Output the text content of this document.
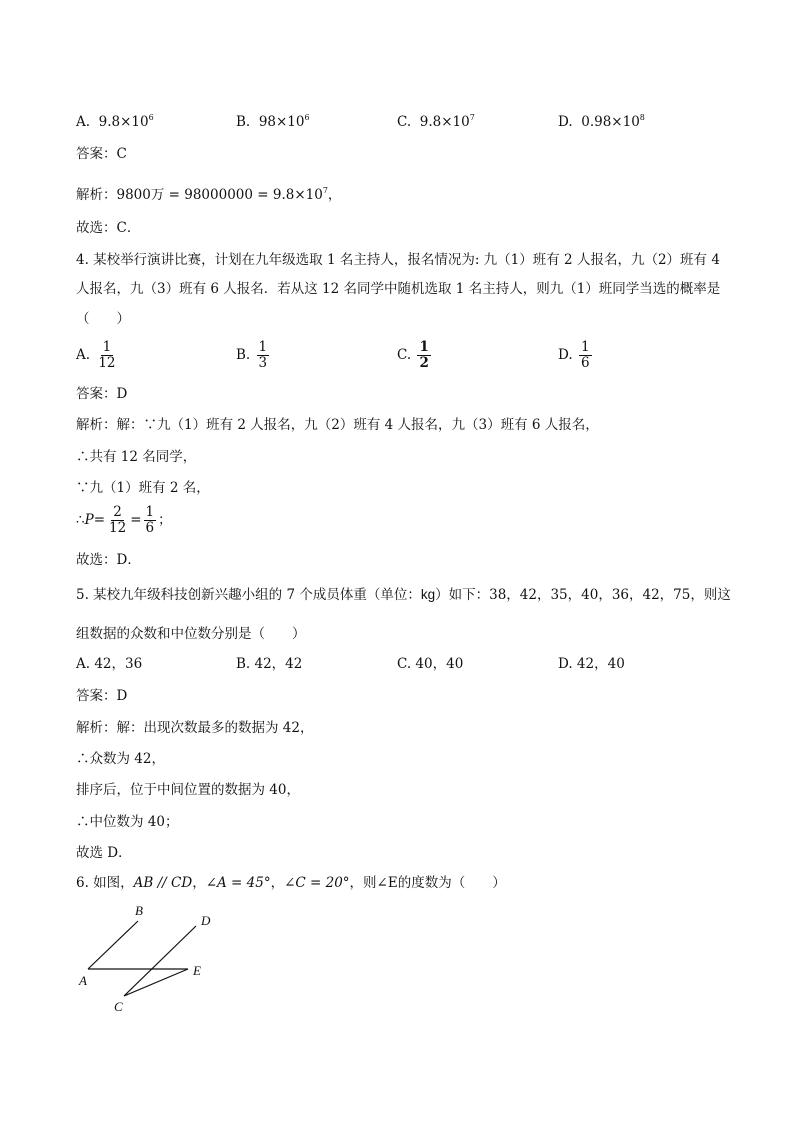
A. $9.8\times 10^6$	B. $98\times 10^6$	C. $9.8\times 10^7$	D. $0.98\times 10^8$
答案：C
解析：9800万 = $98000000 = 9.8\times 10^7$，
故选：C．
4. 某校举行演讲比赛，计划在九年级选取 1 名主持人，报名情况为: 九（1）班有 2 人报名，九（2）班有 4
人报名，九（3）班有 6 人报名．若从这 12 名同学中随机选取 1 名主持人，则九（1）班同学当选的概率是
（　　）
A. $\frac{1}{12}$	B. $\frac{1}{3}$	C. $\frac{1}{2}$	D. $\frac{1}{6}$
答案：D
解析：解：∵九（1）班有 2 人报名，九（2）班有 4 人报名，九（3）班有 6 人报名，
∴共有 12 名同学，
∵九（1）班有 2 名，
∴P= $\frac{2}{12} = \frac{1}{6}$ ；
故选：D．
5. 某校九年级科技创新兴趣小组的 7 个成员体重（单位：kg）如下：38，42，35，40，36，42，75，则这
组数据的众数和中位数分别是（　　）
A. 42，36	B. 42，42	C. 40，40	D. 42，40
答案：D
解析：解：出现次数最多的数据为 42，
∴众数为 42，
排序后，位于中间位置的数据为 40，
∴中位数为 40；
故选 D．
6. 如图，AB // CD，∠A = 45°，∠C = 20°，则∠E的度数为（　　）
B
D
A
E
C
